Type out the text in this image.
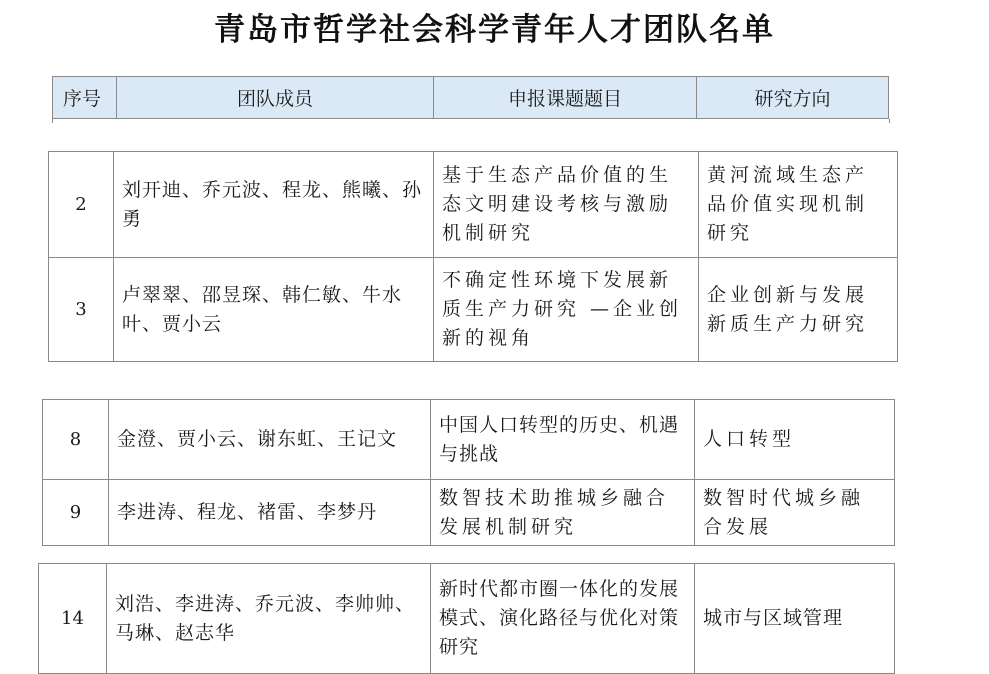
青岛市哲学社会科学青年人才团队名单
序号	团队成员	申报课题题目	研究方向
2	刘开迪、乔元波、程龙、熊曦、孙勇	基于生态产品价值的生态文明建设考核与激励机制研究	黄河流域生态产品价值实现机制研究
3	卢翠翠、邵昱琛、韩仁敏、牛水叶、贾小云	不确定性环境下发展新质生产力研究 —企业创新的视角	企业创新与发展新质生产力研究
8	金澄、贾小云、谢东虹、王记文	中国人口转型的历史、机遇与挑战	人口转型
9	李进涛、程龙、褚雷、李梦丹	数智技术助推城乡融合发展机制研究	数智时代城乡融合发展
14	刘浩、李进涛、乔元波、李帅帅、马琳、赵志华	新时代都市圈一体化的发展模式、演化路径与优化对策研究	城市与区域管理
